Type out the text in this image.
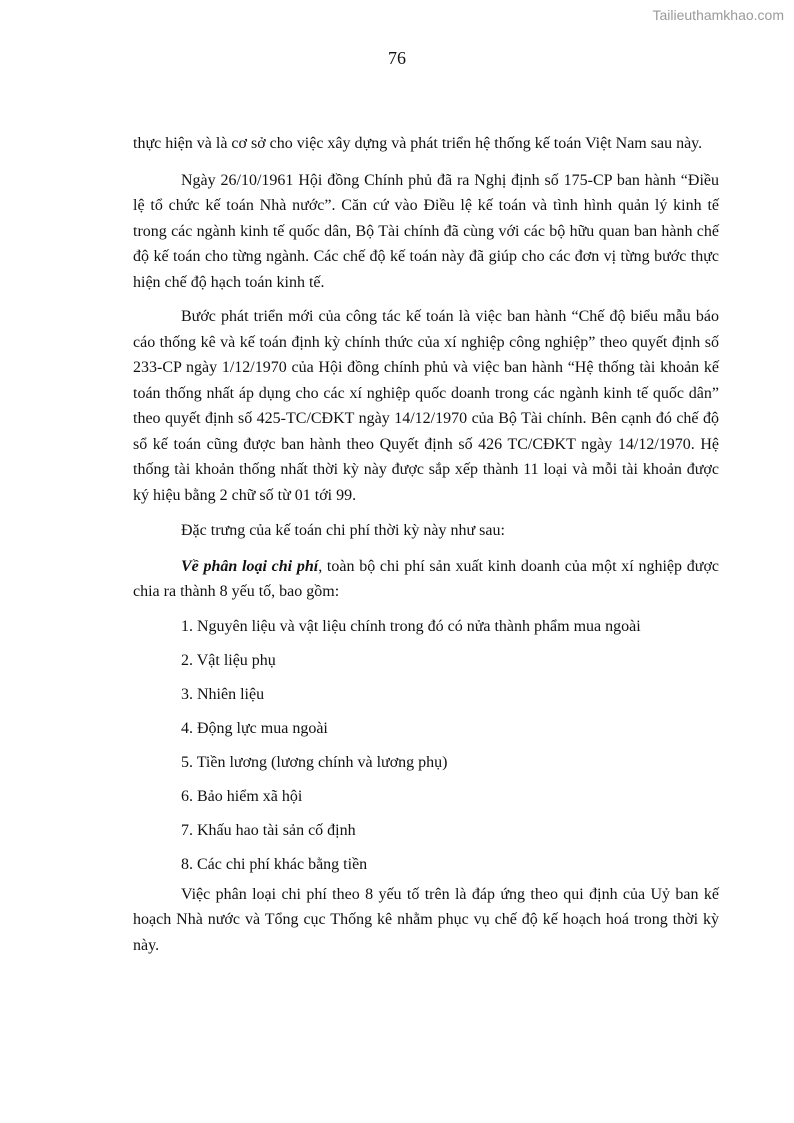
Tailieuthamkhao.com
76

thực hiện và là cơ sở cho việc xây dựng và phát triển hệ thống kế toán Việt Nam sau này.

Ngày 26/10/1961 Hội đồng Chính phủ đã ra Nghị định số 175-CP ban hành “Điều lệ tổ chức kế toán Nhà nước”. Căn cứ vào Điều lệ kế toán và tình hình quản lý kinh tế trong các ngành kinh tế quốc dân, Bộ Tài chính đã cùng với các bộ hữu quan ban hành chế độ kế toán cho từng ngành. Các chế độ kế toán này đã giúp cho các đơn vị từng bước thực hiện chế độ hạch toán kinh tế.

Bước phát triển mới của công tác kế toán là việc ban hành “Chế độ biểu mẫu báo cáo thống kê và kế toán định kỳ chính thức của xí nghiệp công nghiệp” theo quyết định số 233-CP ngày 1/12/1970 của Hội đồng chính phủ và việc ban hành “Hệ thống tài khoản kế toán thống nhất áp dụng cho các xí nghiệp quốc doanh trong các ngành kinh tế quốc dân” theo quyết định số 425-TC/CĐKT ngày 14/12/1970 của Bộ Tài chính. Bên cạnh đó chế độ sổ kế toán cũng được ban hành theo Quyết định số 426 TC/CĐKT ngày 14/12/1970. Hệ thống tài khoản thống nhất thời kỳ này được sắp xếp thành 11 loại và mỗi tài khoản được ký hiệu bằng 2 chữ số từ 01 tới 99.

Đặc trưng của kế toán chi phí thời kỳ này như sau:

Về phân loại chi phí, toàn bộ chi phí sản xuất kinh doanh của một xí nghiệp được chia ra thành 8 yếu tố, bao gồm:

1. Nguyên liệu và vật liệu chính trong đó có nửa thành phẩm mua ngoài
2. Vật liệu phụ
3. Nhiên liệu
4. Động lực mua ngoài
5. Tiền lương (lương chính và lương phụ)
6. Bảo hiểm xã hội
7. Khấu hao tài sản cố định
8. Các chi phí khác bằng tiền

Việc phân loại chi phí theo 8 yếu tố trên là đáp ứng theo qui định của Uỷ ban kế hoạch Nhà nước và Tổng cục Thống kê nhằm phục vụ chế độ kế hoạch hoá trong thời kỳ này.
